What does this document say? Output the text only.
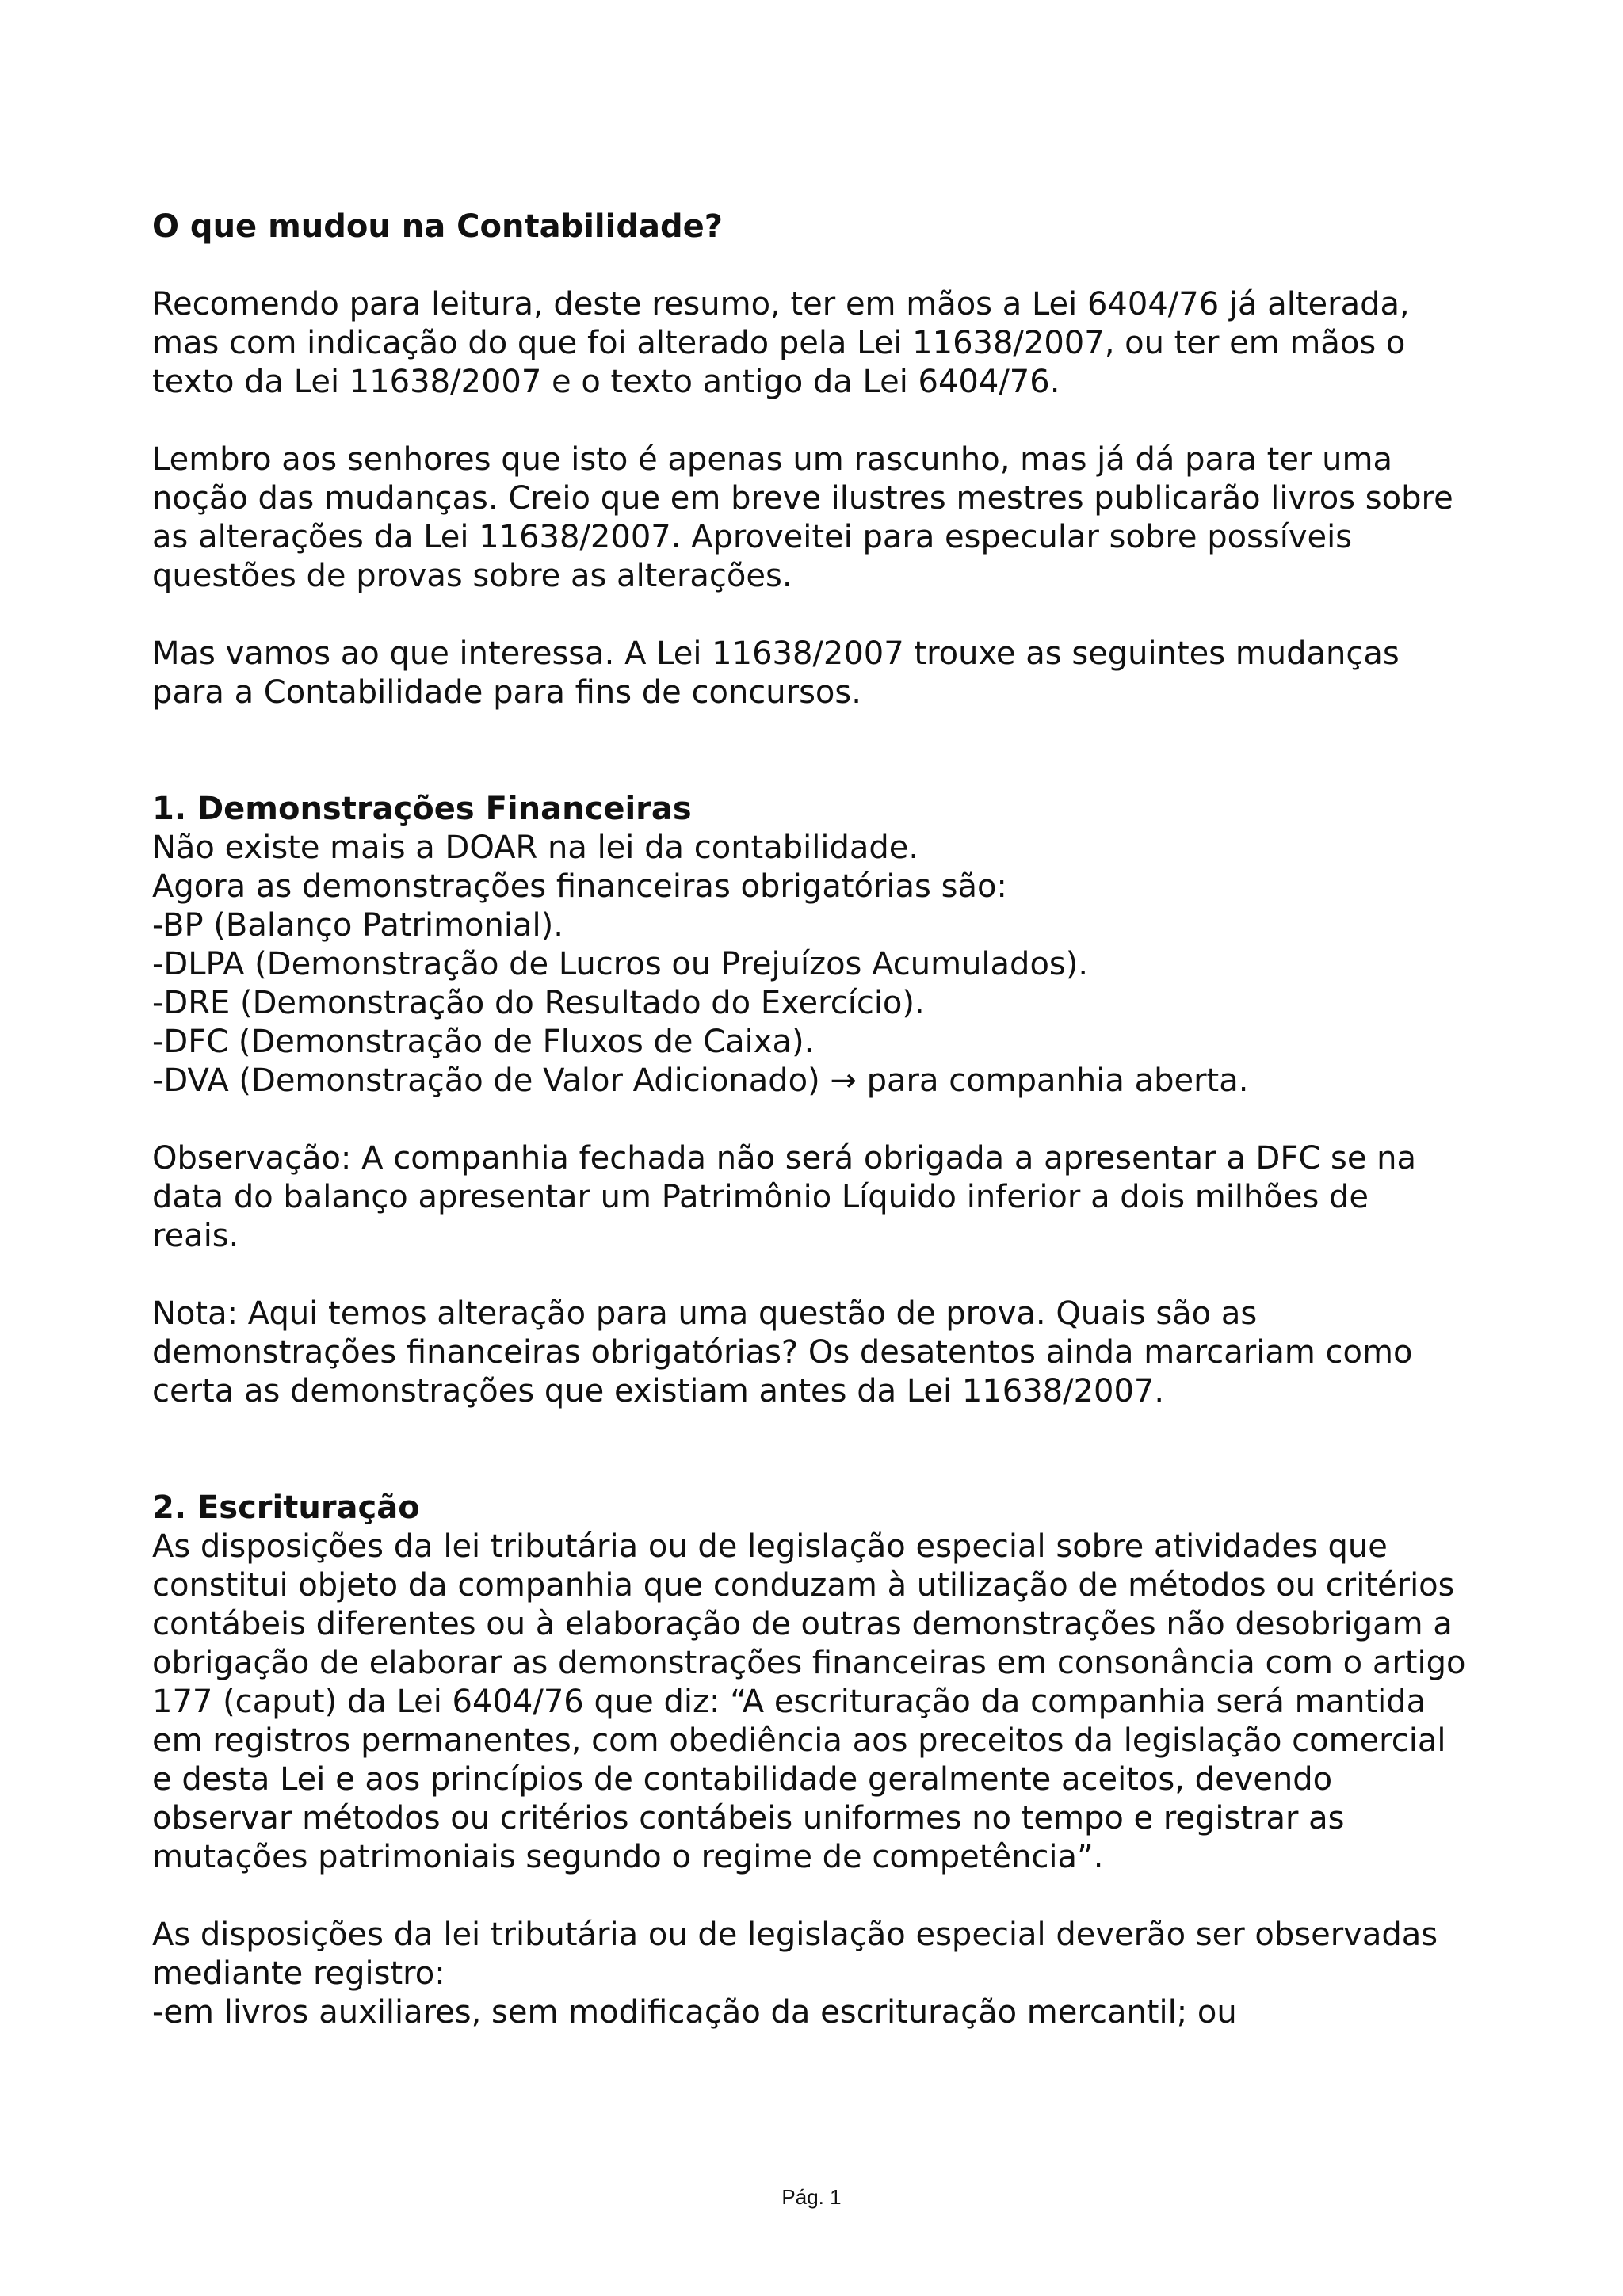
O que mudou na Contabilidade?
Recomendo para leitura, deste resumo, ter em mãos a Lei 6404/76 já alterada,
mas com indicação do que foi alterado pela Lei 11638/2007, ou ter em mãos o
texto da Lei 11638/2007 e o texto antigo da Lei 6404/76.
Lembro aos senhores que isto é apenas um rascunho, mas já dá para ter uma
noção das mudanças. Creio que em breve ilustres mestres publicarão livros sobre
as alterações da Lei 11638/2007. Aproveitei para especular sobre possíveis
questões de provas sobre as alterações.
Mas vamos ao que interessa. A Lei 11638/2007 trouxe as seguintes mudanças
para a Contabilidade para fins de concursos.
1. Demonstrações Financeiras
Não existe mais a DOAR na lei da contabilidade.
Agora as demonstrações financeiras obrigatórias são:
-BP (Balanço Patrimonial).
-DLPA (Demonstração de Lucros ou Prejuízos Acumulados).
-DRE (Demonstração do Resultado do Exercício).
-DFC (Demonstração de Fluxos de Caixa).
-DVA (Demonstração de Valor Adicionado) → para companhia aberta.
Observação: A companhia fechada não será obrigada a apresentar a DFC se na
data do balanço apresentar um Patrimônio Líquido inferior a dois milhões de
reais.
Nota: Aqui temos alteração para uma questão de prova. Quais são as
demonstrações financeiras obrigatórias? Os desatentos ainda marcariam como
certa as demonstrações que existiam antes da Lei 11638/2007.
2. Escrituração
As disposições da lei tributária ou de legislação especial sobre atividades que
constitui objeto da companhia que conduzam à utilização de métodos ou critérios
contábeis diferentes ou à elaboração de outras demonstrações não desobrigam a
obrigação de elaborar as demonstrações financeiras em consonância com o artigo
177 (caput) da Lei 6404/76 que diz: “A escrituração da companhia será mantida
em registros permanentes, com obediência aos preceitos da legislação comercial
e desta Lei e aos princípios de contabilidade geralmente aceitos, devendo
observar métodos ou critérios contábeis uniformes no tempo e registrar as
mutações patrimoniais segundo o regime de competência”.
As disposições da lei tributária ou de legislação especial deverão ser observadas
mediante registro:
-em livros auxiliares, sem modificação da escrituração mercantil; ou
Pág. 1
